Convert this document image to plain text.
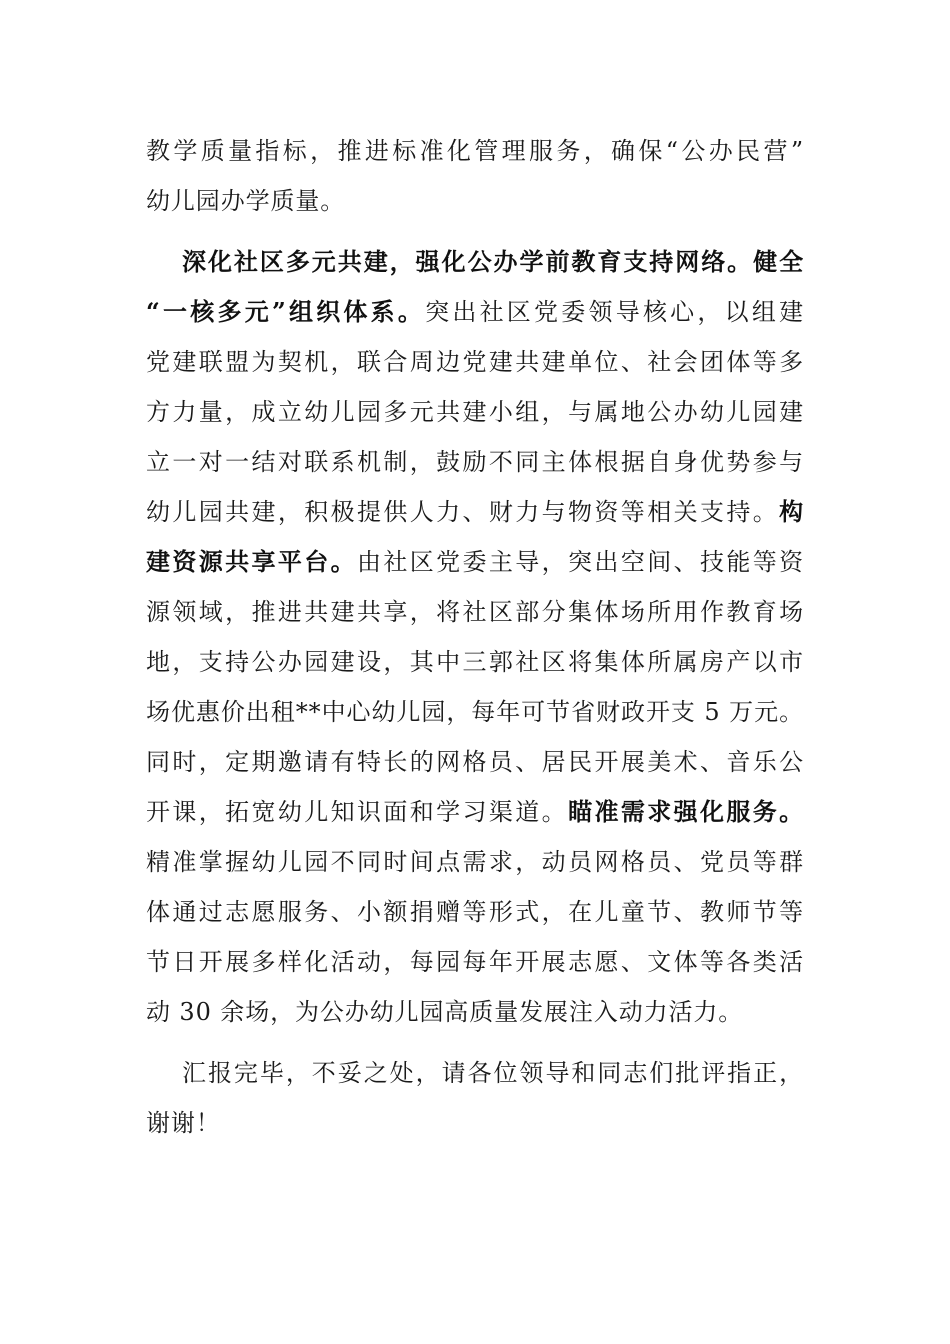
教学质量指标，推进标准化管理服务，确保“公办民营”
幼儿园办学质量。
深化社区多元共建，强化公办学前教育支持网络。健全
“一核多元”组织体系。突出社区党委领导核心，以组建
党建联盟为契机，联合周边党建共建单位、社会团体等多
方力量，成立幼儿园多元共建小组，与属地公办幼儿园建
立一对一结对联系机制，鼓励不同主体根据自身优势参与
幼儿园共建，积极提供人力、财力与物资等相关支持。构
建资源共享平台。由社区党委主导，突出空间、技能等资
源领域，推进共建共享，将社区部分集体场所用作教育场
地，支持公办园建设，其中三郭社区将集体所属房产以市
场优惠价出租**中心幼儿园，每年可节省财政开支 5 万元。
同时，定期邀请有特长的网格员、居民开展美术、音乐公
开课，拓宽幼儿知识面和学习渠道。瞄准需求强化服务。
精准掌握幼儿园不同时间点需求，动员网格员、党员等群
体通过志愿服务、小额捐赠等形式，在儿童节、教师节等
节日开展多样化活动，每园每年开展志愿、文体等各类活
动 30 余场，为公办幼儿园高质量发展注入动力活力。
汇报完毕，不妥之处，请各位领导和同志们批评指正，
谢谢！
